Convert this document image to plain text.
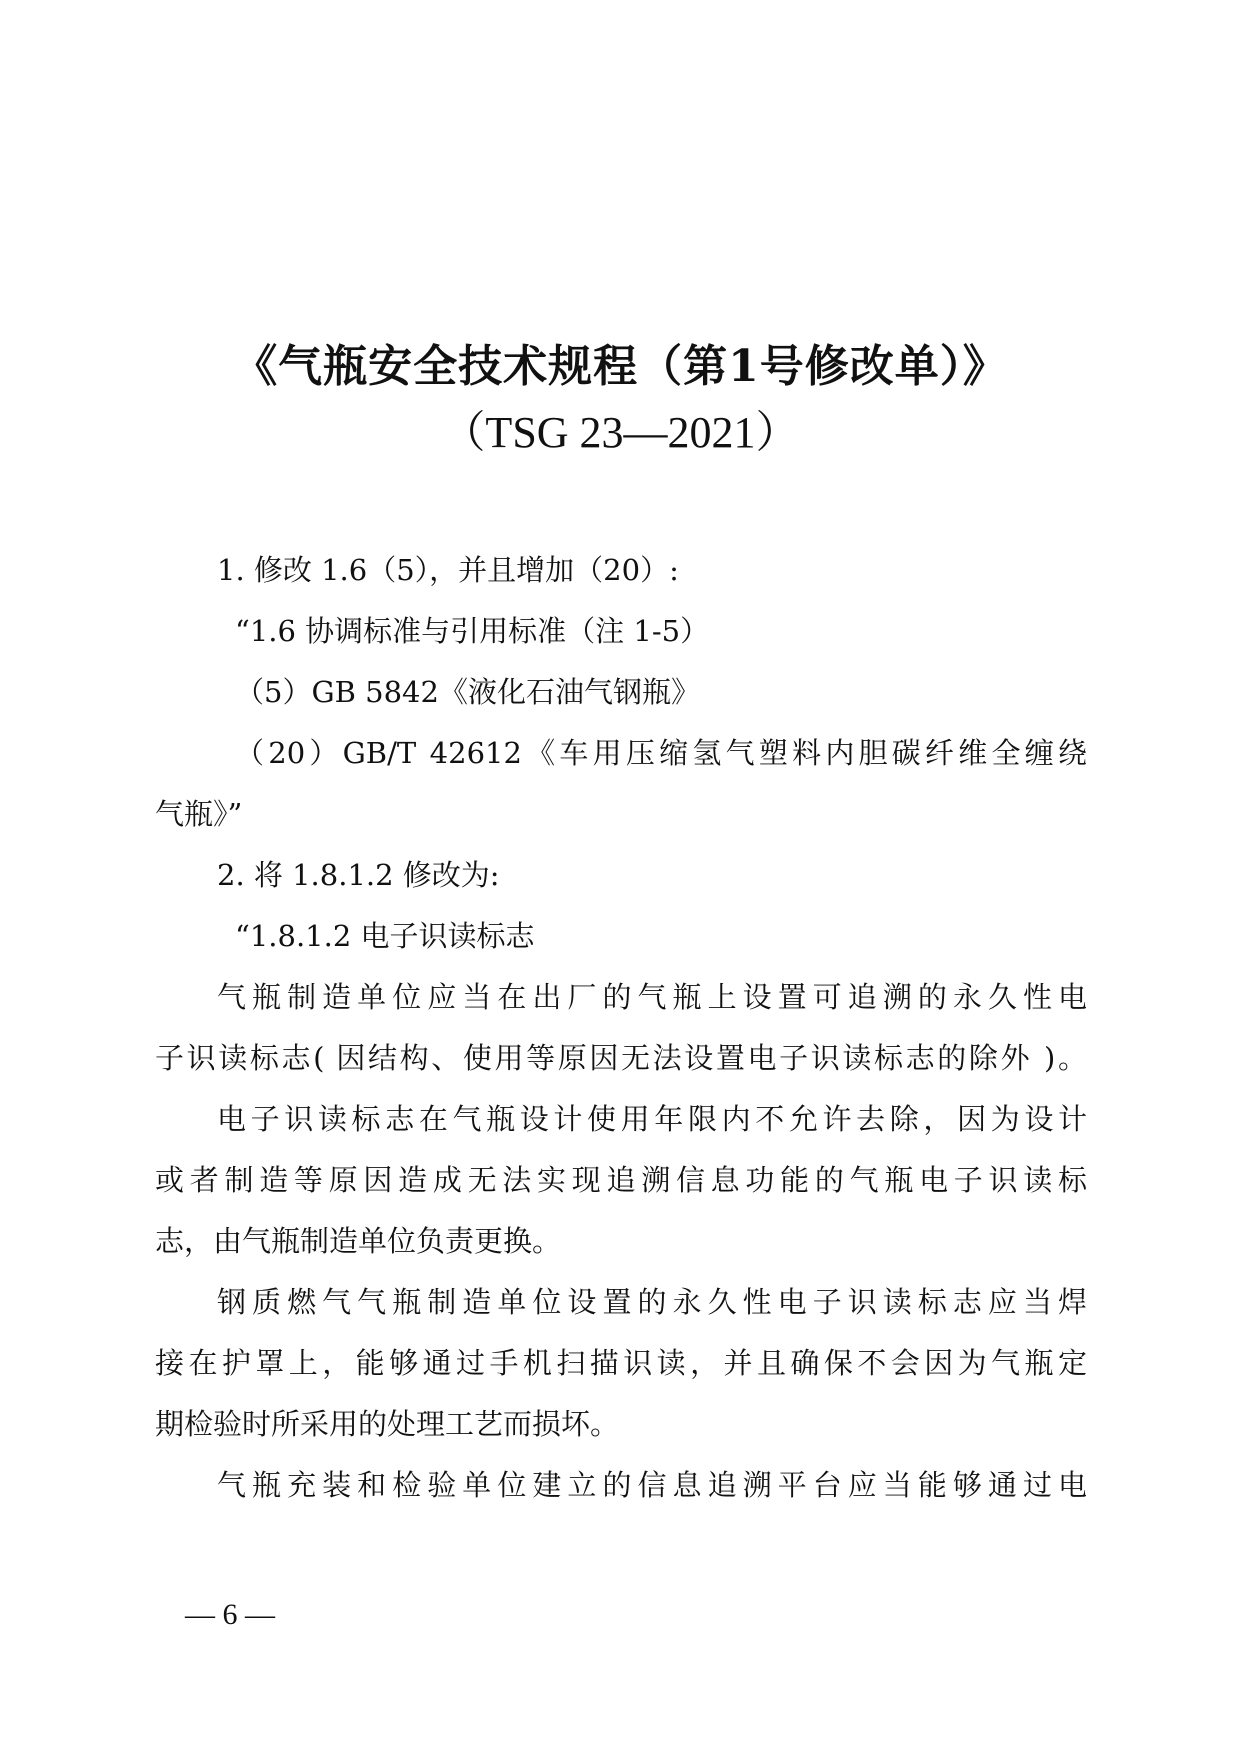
《气瓶安全技术规程（第1号修改单）》
（TSG 23—2021）
1. 修改 1.6（5），并且增加（20）:
“1.6 协调标准与引用标准（注 1-5）
（5）GB 5842《液化石油气钢瓶》
（20）GB/T 42612《车用压缩氢气塑料内胆碳纤维全缠绕
气瓶》”
2. 将 1.8.1.2 修改为:
“1.8.1.2 电子识读标志
气瓶制造单位应当在出厂的气瓶上设置可追溯的永久性电
子识读标志( 因结构、使用等原因无法设置电子识读标志的除外 )。
电子识读标志在气瓶设计使用年限内不允许去除，因为设计
或者制造等原因造成无法实现追溯信息功能的气瓶电子识读标
志，由气瓶制造单位负责更换。
钢质燃气气瓶制造单位设置的永久性电子识读标志应当焊
接在护罩上，能够通过手机扫描识读，并且确保不会因为气瓶定
期检验时所采用的处理工艺而损坏。
气瓶充装和检验单位建立的信息追溯平台应当能够通过电
— 6 —
